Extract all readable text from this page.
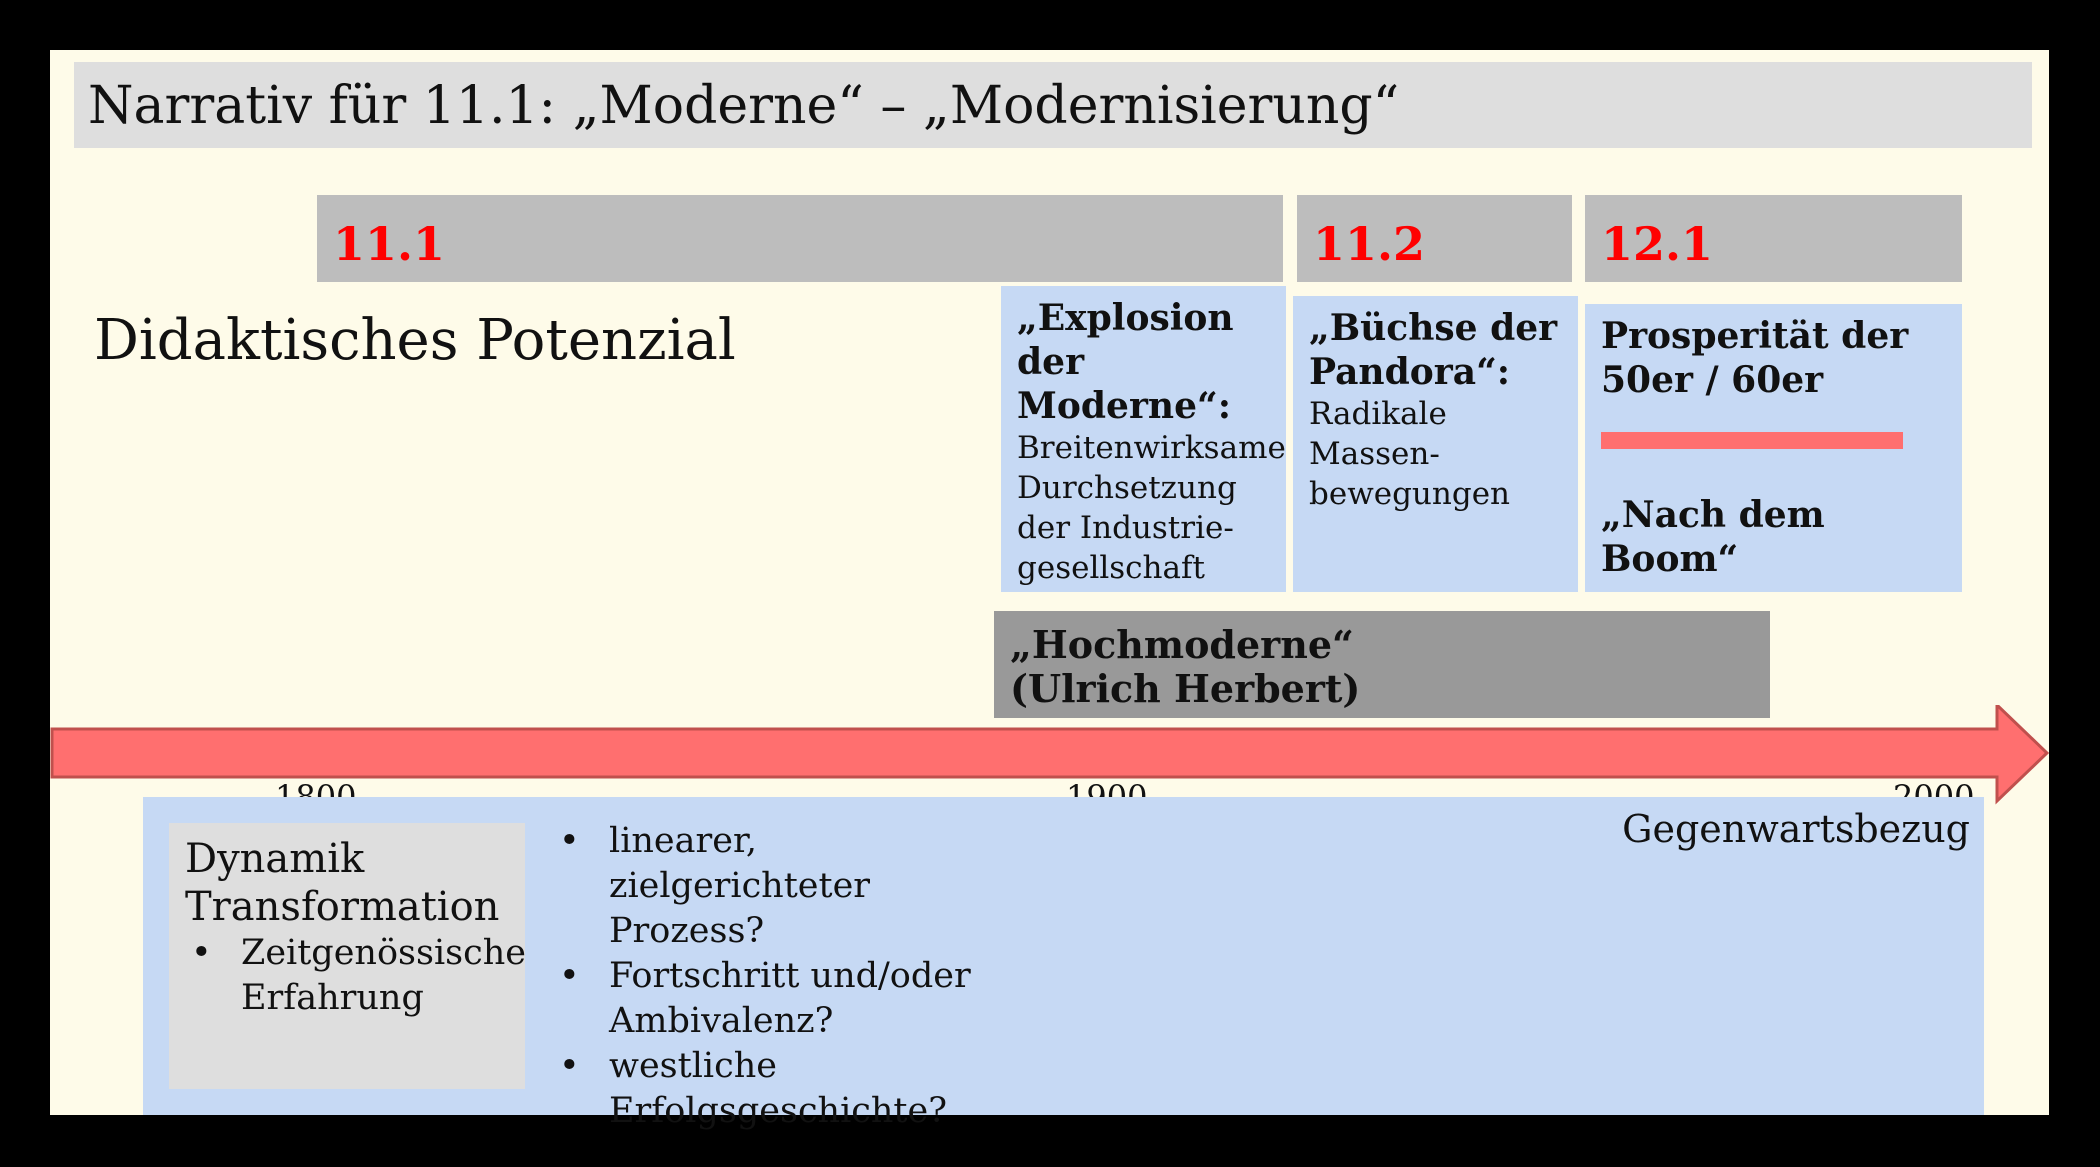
Narrativ für 11.1: „Moderne“ – „Modernisierung“
11.1	11.2	12.1
Didaktisches Potenzial	„Explosion der Moderne“:
Breitenwirksame Durchsetzung der Industrie-gesellschaft
„Büchse der Pandora“:
Radikale Massen-bewegungen
Prosperität der 50er / 60er
„Nach dem Boom“
„Hochmoderne“
(Ulrich Herbert)
Gegenwartsbezug
Dynamik
Transformation
• Zeitgenössische Erfahrung
• linearer, zielgerichteter Prozess?
• Fortschritt und/oder Ambivalenz?
• westliche Erfolgsgeschichte?
